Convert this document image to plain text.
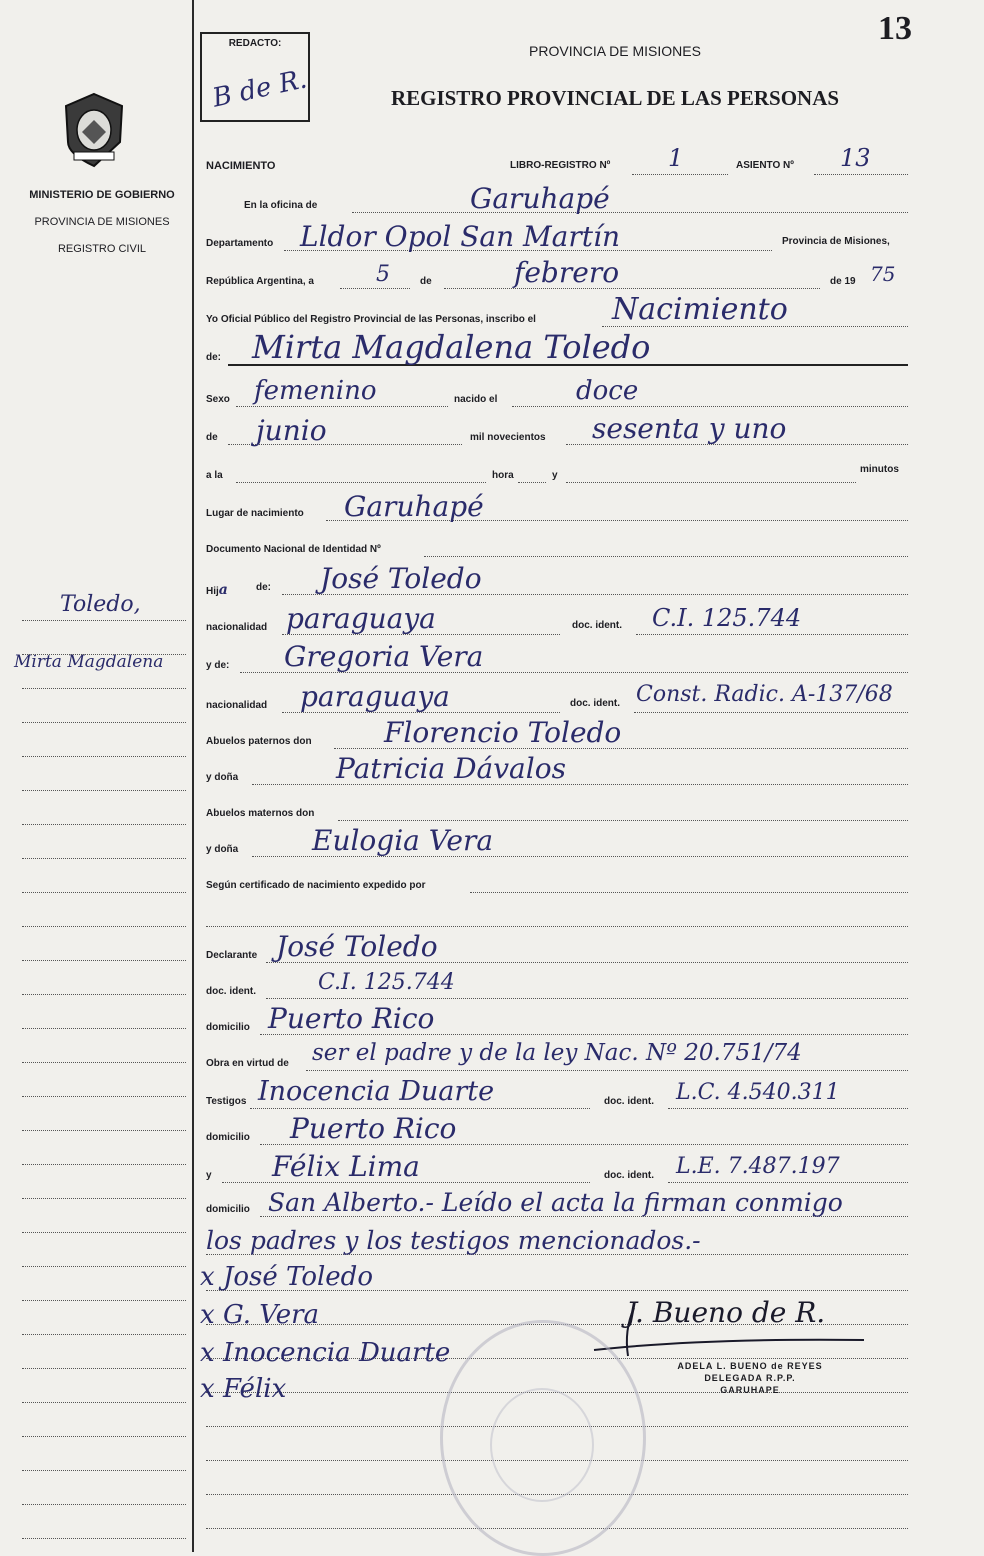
13
REDACTO:
B de R.
PROVINCIA DE MISIONES
REGISTRO PROVINCIAL DE LAS PERSONAS
MINISTERIO DE GOBIERNO
PROVINCIA DE MISIONES
REGISTRO CIVIL
Toledo,
Mirta Magdalena
NACIMIENTO	LIBRO-REGISTRO Nº 1	ASIENTO Nº 13
En la oficina de	Garuhapé
Departamento Lldor Opol San Martín	Provincia de Misiones,
República Argentina, a	5	de	febrero	de 19 75
Yo Oficial Público del Registro Provincial de las Personas, inscribo el	Nacimiento
de: Mirta Magdalena Toledo
Sexo femenino	nacido el	doce
de junio	mil novecientos sesenta y uno
a la	hora	y
minutos
Lugar de nacimiento Garuhapé
Documento Nacional de Identidad Nº
Hija	de: José Toledo
nacionalidad paraguaya	doc. ident. C.I. 125.744
y de: Gregoria Vera
nacionalidad paraguaya	doc. ident. Const. Radic. A-137/68
Abuelos paternos don	Florencio Toledo
y doña	Patricia Dávalos
Abuelos maternos don
y doña	Eulogia Vera
Según certificado de nacimiento expedido por
Declarante José Toledo
doc. ident.	C.I. 125.744
domicilio Puerto Rico
Obra en virtud de ser el padre y de la ley Nac. Nº 20.751/74
Testigos Inocencia Duarte	doc. ident. L.C. 4.540.311
domicilio Puerto Rico
y Félix Lima	doc. ident. L.E. 7.487.197
domicilio San Alberto.- Leído el acta la firman conmigo
los padres y los testigos mencionados.-
x José Toledo
x G. Vera
x Inocencia Duarte
x Félix
J. Bueno de R.
ADELA L. BUENO de REYES
DELEGADA R.P.P.
GARUHAPE
